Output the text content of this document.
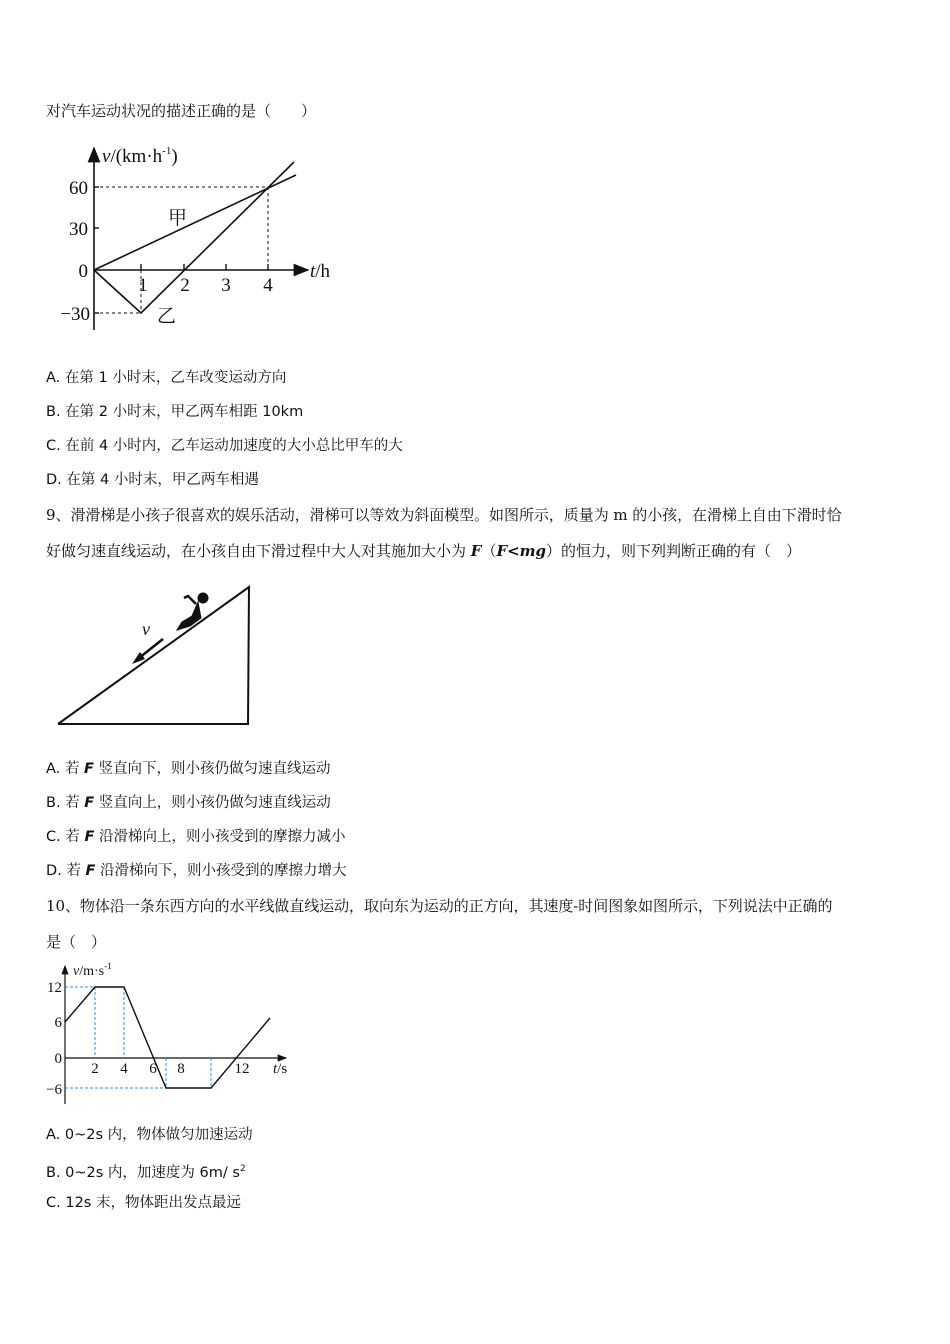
对汽车运动状况的描述正确的是（　　）
$v/(km\cdot h^{-1})$
t/h
60
30
0
−30
1 2 3 4
甲
乙
A. 在第 1 小时末，乙车改变运动方向
B. 在第 2 小时末，甲乙两车相距 10km
C. 在前 4 小时内，乙车运动加速度的大小总比甲车的大
D. 在第 4 小时末，甲乙两车相遇
9、滑滑梯是小孩子很喜欢的娱乐活动，滑梯可以等效为斜面模型。如图所示，质量为 m 的小孩，在滑梯上自由下滑时恰
好做匀速直线运动，在小孩自由下滑过程中大人对其施加大小为 F（F<mg）的恒力，则下列判断正确的有（　）
v
A. 若 F 竖直向下，则小孩仍做匀速直线运动
B. 若 F 竖直向上，则小孩仍做匀速直线运动
C. 若 F 沿滑梯向上，则小孩受到的摩擦力减小
D. 若 F 沿滑梯向下，则小孩受到的摩擦力增大
10、物体沿一条东西方向的水平线做直线运动，取向东为运动的正方向，其速度-时间图象如图所示，下列说法中正确的
是（　）
$v/m\cdot s^{-1}$
t/s
12
6
0
−6
2 4 6 8	12
A. 0~2s 内，物体做匀加速运动
B. 0~2s 内，加速度为 6m/ $s^2$
C. 12s 末，物体距出发点最远
